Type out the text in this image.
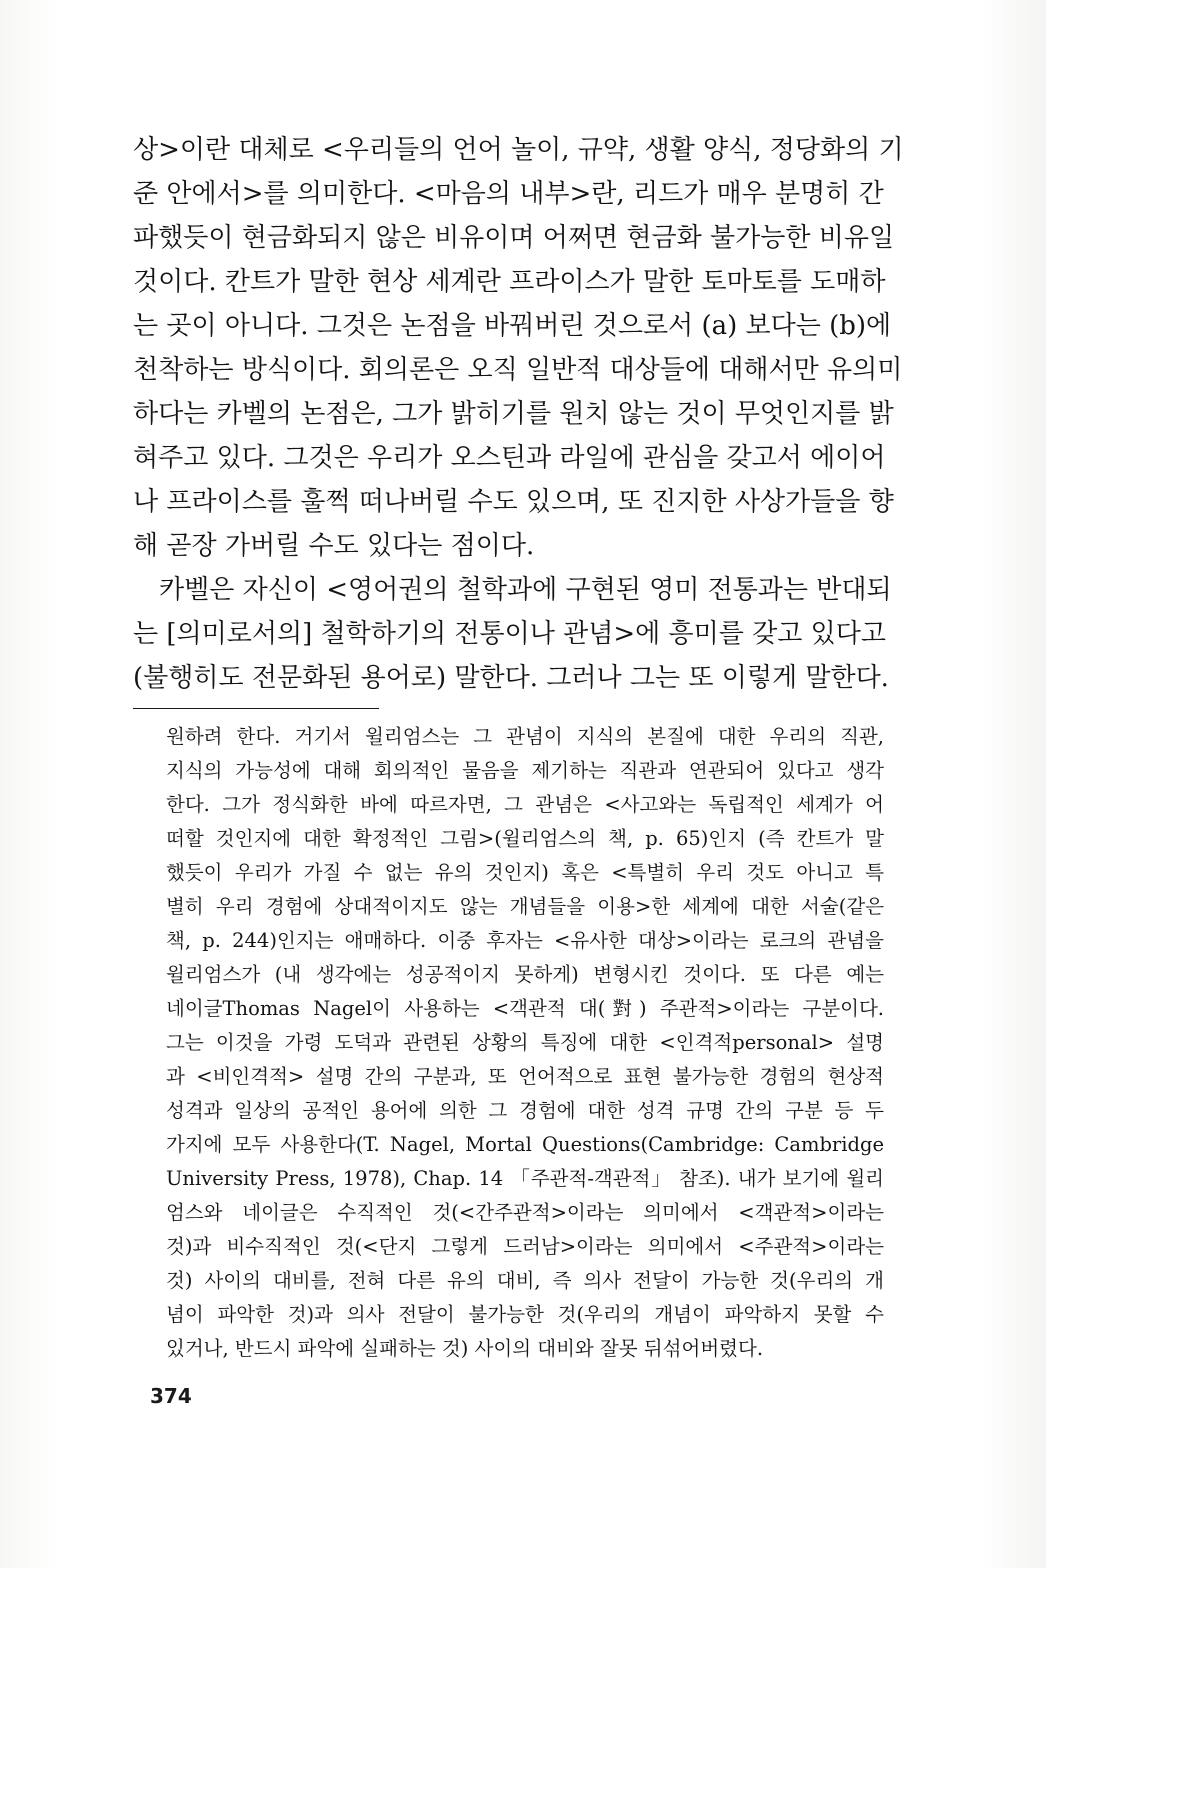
상>이란 대체로 <우리들의 언어 놀이, 규약, 생활 양식, 정당화의 기
준 안에서>를 의미한다. <마음의 내부>란, 리드가 매우 분명히 간
파했듯이 현금화되지 않은 비유이며 어쩌면 현금화 불가능한 비유일
것이다. 칸트가 말한 현상 세계란 프라이스가 말한 토마토를 도매하
는 곳이 아니다. 그것은 논점을 바꿔버린 것으로서 (a) 보다는 (b)에
천착하는 방식이다. 회의론은 오직 일반적 대상들에 대해서만 유의미
하다는 카벨의 논점은, 그가 밝히기를 원치 않는 것이 무엇인지를 밝
혀주고 있다. 그것은 우리가 오스틴과 라일에 관심을 갖고서 에이어
나 프라이스를 훌쩍 떠나버릴 수도 있으며, 또 진지한 사상가들을 향
해 곧장 가버릴 수도 있다는 점이다.
카벨은 자신이 <영어권의 철학과에 구현된 영미 전통과는 반대되
는 [의미로서의] 철학하기의 전통이나 관념>에 흥미를 갖고 있다고
(불행히도 전문화된 용어로) 말한다. 그러나 그는 또 이렇게 말한다.
원하려 한다. 거기서 윌리엄스는 그 관념이 지식의 본질에 대한 우리의 직관,
지식의 가능성에 대해 회의적인 물음을 제기하는 직관과 연관되어 있다고 생각
한다. 그가 정식화한 바에 따르자면, 그 관념은 <사고와는 독립적인 세계가 어
떠할 것인지에 대한 확정적인 그림>(윌리엄스의 책, p. 65)인지 (즉 칸트가 말
했듯이 우리가 가질 수 없는 유의 것인지) 혹은 <특별히 우리 것도 아니고 특
별히 우리 경험에 상대적이지도 않는 개념들을 이용>한 세계에 대한 서술(같은
책, p. 244)인지는 애매하다. 이중 후자는 <유사한 대상>이라는 로크의 관념을
윌리엄스가 (내 생각에는 성공적이지 못하게) 변형시킨 것이다. 또 다른 예는
네이글Thomas Nagel이 사용하는 <객관적 대(對) 주관적>이라는 구분이다.
그는 이것을 가령 도덕과 관련된 상황의 특징에 대한 <인격적personal> 설명
과 <비인격적> 설명 간의 구분과, 또 언어적으로 표현 불가능한 경험의 현상적
성격과 일상의 공적인 용어에 의한 그 경험에 대한 성격 규명 간의 구분 등 두
가지에 모두 사용한다(T. Nagel, Mortal Questions(Cambridge: Cambridge
University Press, 1978), Chap. 14 「주관적-객관적」 참조). 내가 보기에 윌리
엄스와 네이글은 수직적인 것(<간주관적>이라는 의미에서 <객관적>이라는
것)과 비수직적인 것(<단지 그렇게 드러남>이라는 의미에서 <주관적>이라는
것) 사이의 대비를, 전혀 다른 유의 대비, 즉 의사 전달이 가능한 것(우리의 개
념이 파악한 것)과 의사 전달이 불가능한 것(우리의 개념이 파악하지 못할 수
있거나, 반드시 파악에 실패하는 것) 사이의 대비와 잘못 뒤섞어버렸다.
374
